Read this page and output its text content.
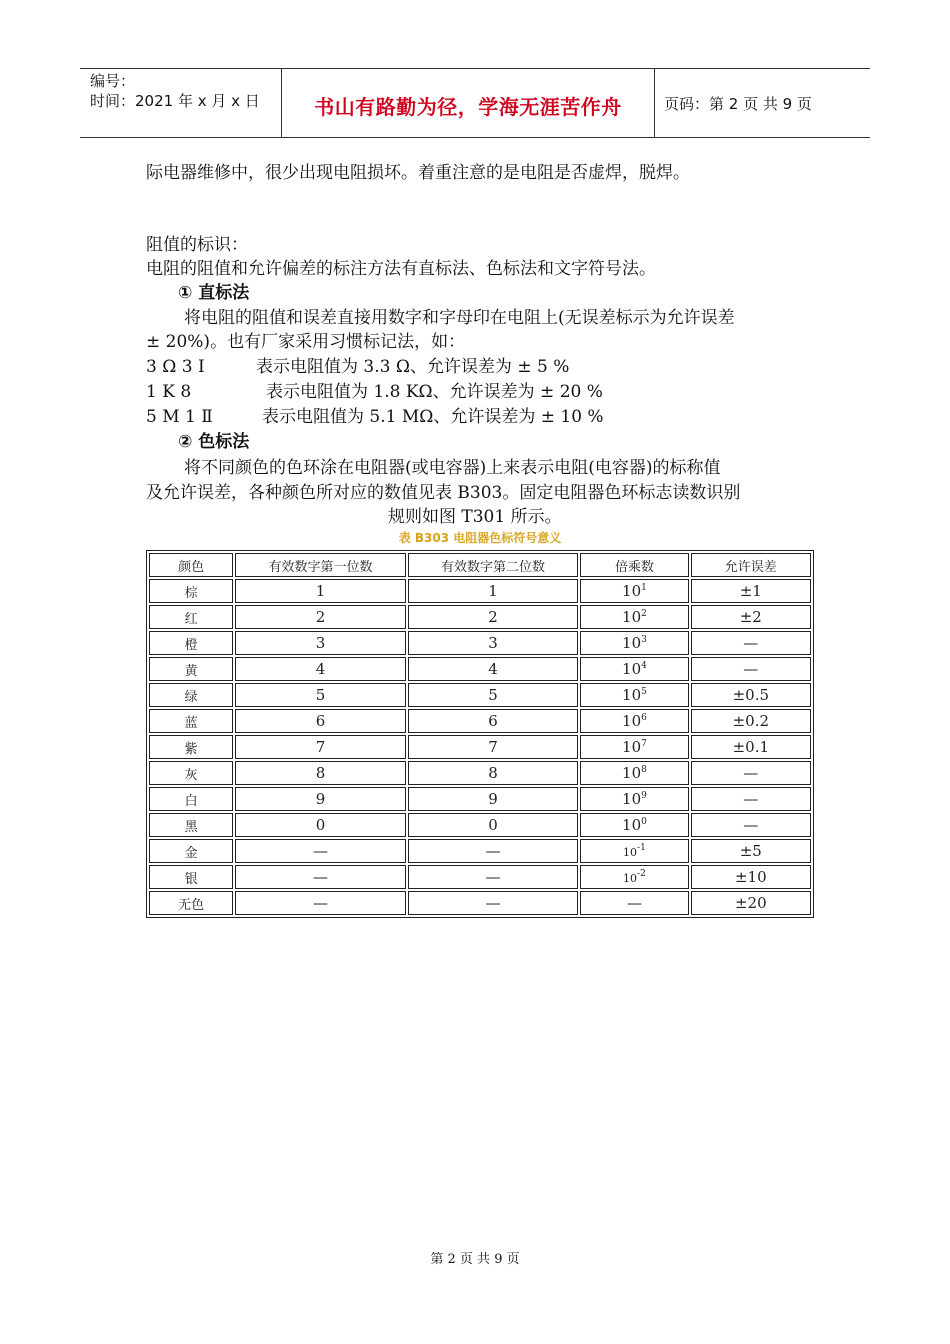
编号：
时间：2021 年 x 月 x 日	书山有路勤为径，学海无涯苦作舟	页码：第 2 页 共 9 页
际电器维修中，很少出现电阻损坏。着重注意的是电阻是否虚焊，脱焊。
阻值的标识：
电阻的阻值和允许偏差的标注方法有直标法、色标法和文字符号法。
① 直标法
将电阻的阻值和误差直接用数字和字母印在电阻上(无误差标示为允许误差
± 20%)。也有厂家采用习惯标记法，如：
3 Ω 3 Ⅰ	表示电阻值为 3.3 Ω、允许误差为 ± 5 %
1 K 8	表示电阻值为 1.8 KΩ、允许误差为 ± 20 %
5 M 1 Ⅱ	表示电阻值为 5.1 MΩ、允许误差为 ± 10 %
② 色标法
将不同颜色的色环涂在电阻器(或电容器)上来表示电阻(电容器)的标称值
及允许误差，各种颜色所对应的数值见表 B303。固定电阻器色环标志读数识别
规则如图 T301 所示。
表 B303 电阻器色标符号意义
颜色	有效数字第一位数	有效数字第二位数	倍乘数	允许误差
棕	1	1	$10^1$	±1
红	2	2	$10^2$	±2
橙	3	3	$10^3$	—
黄	4	4	$10^4$	—
绿	5	5	$10^5$	±0.5
蓝	6	6	$10^6$	±0.2
紫	7	7	$10^7$	±0.1
灰	8	8	$10^8$	—
白	9	9	$10^9$	—
黑	0	0	$10^0$	—
金	—	—	$10^{-1}$	±5
银	—	—	$10^{-2}$	±10
无色	—	—	—	±20
第 2 页 共 9 页
